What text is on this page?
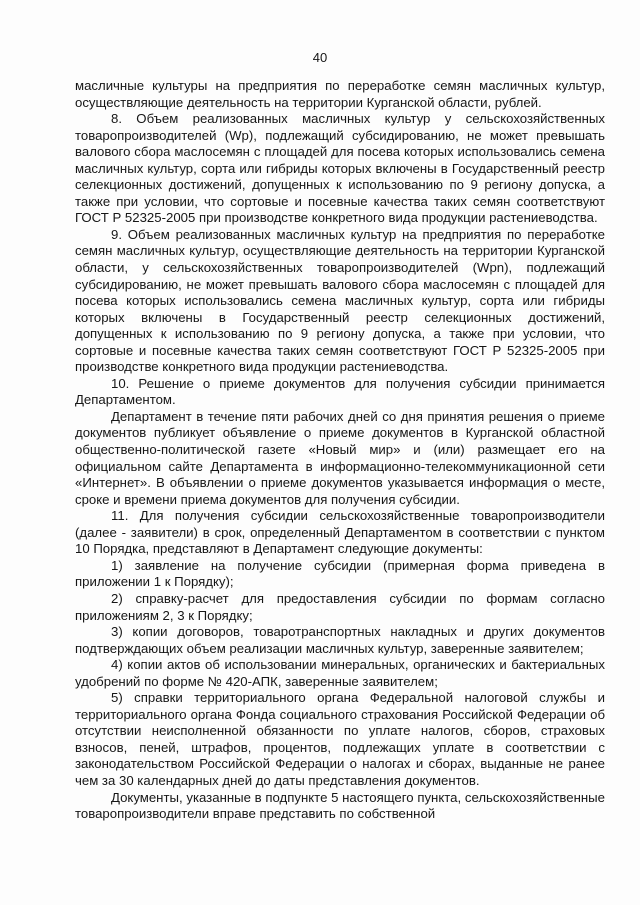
40

масличные культуры на предприятия по переработке семян масличных культур, осуществляющие деятельность на территории Курганской области, рублей.

8. Объем реализованных масличных культур у сельскохозяйственных товаропроизводителей (Wp), подлежащий субсидированию, не может превышать валового сбора маслосемян с площадей для посева которых использовались семена масличных культур, сорта или гибриды которых включены в Государственный реестр селекционных достижений, допущенных к использованию по 9 региону допуска, а также при условии, что сортовые и посевные качества таких семян соответствуют ГОСТ Р 52325-2005 при производстве конкретного вида продукции растениеводства.

9. Объем реализованных масличных культур на предприятия по переработке семян масличных культур, осуществляющие деятельность на территории Курганской области, у сельскохозяйственных товаропроизводителей (Wpn), подлежащий субсидированию, не может превышать валового сбора маслосемян с площадей для посева которых использовались семена масличных культур, сорта или гибриды которых включены в Государственный реестр селекционных достижений, допущенных к использованию по 9 региону допуска, а также при условии, что сортовые и посевные качества таких семян соответствуют ГОСТ Р 52325-2005 при производстве конкретного вида продукции растениеводства.

10. Решение о приеме документов для получения субсидии принимается Департаментом.

Департамент в течение пяти рабочих дней со дня принятия решения о приеме документов публикует объявление о приеме документов в Курганской областной общественно-политической газете «Новый мир» и (или) размещает его на официальном сайте Департамента в информационно-телекоммуникационной сети «Интернет». В объявлении о приеме документов указывается информация о месте, сроке и времени приема документов для получения субсидии.

11. Для получения субсидии сельскохозяйственные товаропроизводители (далее - заявители) в срок, определенный Департаментом в соответствии с пунктом 10 Порядка, представляют в Департамент следующие документы:

1) заявление на получение субсидии (примерная форма приведена в приложении 1 к Порядку);

2) справку-расчет для предоставления субсидии по формам согласно приложениям 2, 3 к Порядку;

3) копии договоров, товаротранспортных накладных и других документов подтверждающих объем реализации масличных культур, заверенные заявителем;

4) копии актов об использовании минеральных, органических и бактериальных удобрений по форме № 420-АПК, заверенные заявителем;

5) справки территориального органа Федеральной налоговой службы и территориального органа Фонда социального страхования Российской Федерации об отсутствии неисполненной обязанности по уплате налогов, сборов, страховых взносов, пеней, штрафов, процентов, подлежащих уплате в соответствии с законодательством Российской Федерации о налогах и сборах, выданные не ранее чем за 30 календарных дней до даты представления документов.

Документы, указанные в подпункте 5 настоящего пункта, сельскохозяйственные товаропроизводители вправе представить по собственной
